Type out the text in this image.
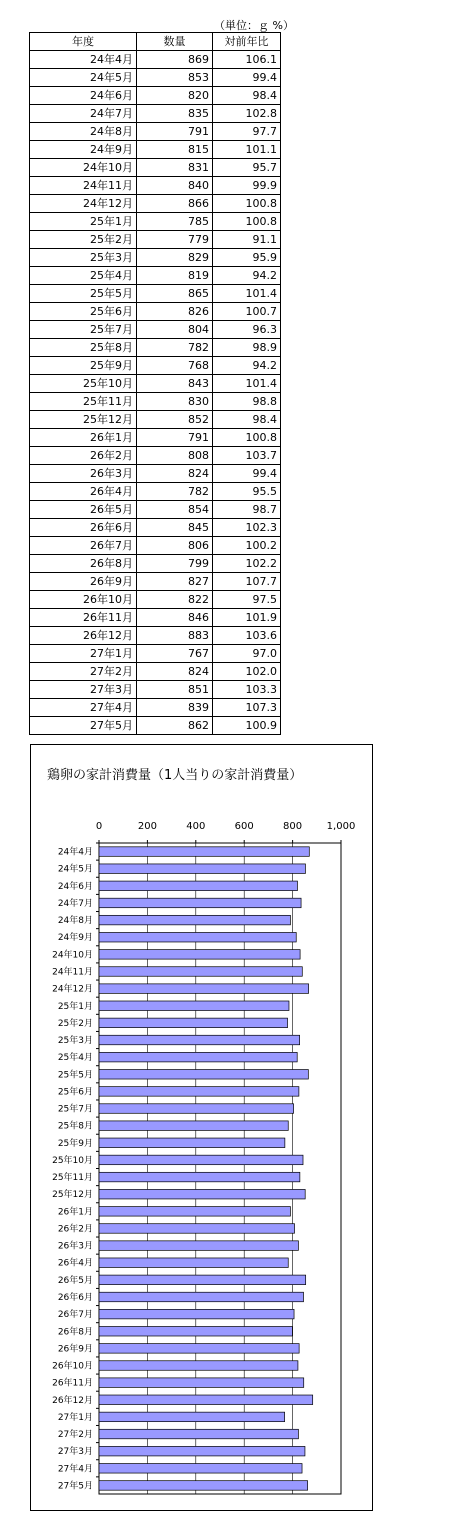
（単位：ｇ %）
年度	数量	対前年比
24年4月	869	106.1
24年5月	853	99.4
24年6月	820	98.4
24年7月	835	102.8
24年8月	791	97.7
24年9月	815	101.1
24年10月	831	95.7
24年11月	840	99.9
24年12月	866	100.8
25年1月	785	100.8
25年2月	779	91.1
25年3月	829	95.9
25年4月	819	94.2
25年5月	865	101.4
25年6月	826	100.7
25年7月	804	96.3
25年8月	782	98.9
25年9月	768	94.2
25年10月	843	101.4
25年11月	830	98.8
25年12月	852	98.4
26年1月	791	100.8
26年2月	808	103.7
26年3月	824	99.4
26年4月	782	95.5
26年5月	854	98.7
26年6月	845	102.3
26年7月	806	100.2
26年8月	799	102.2
26年9月	827	107.7
26年10月	822	97.5
26年11月	846	101.9
26年12月	883	103.6
27年1月	767	97.0
27年2月	824	102.0
27年3月	851	103.3
27年4月	839	107.3
27年5月	862	100.9
鶏卵の家計消費量（1人当りの家計消費量）
0	200	400	600	800 1,000
24年4月
24年5月
24年6月
24年7月
24年8月
24年9月
24年10月
24年11月
24年12月
25年1月
25年2月
25年3月
25年4月
25年5月
25年6月
25年7月
25年8月
25年9月
25年10月
25年11月
25年12月
26年1月
26年2月
26年3月
26年4月
26年5月
26年6月
26年7月
26年8月
26年9月
26年10月
26年11月
26年12月
27年1月
27年2月
27年3月
27年4月
27年5月
